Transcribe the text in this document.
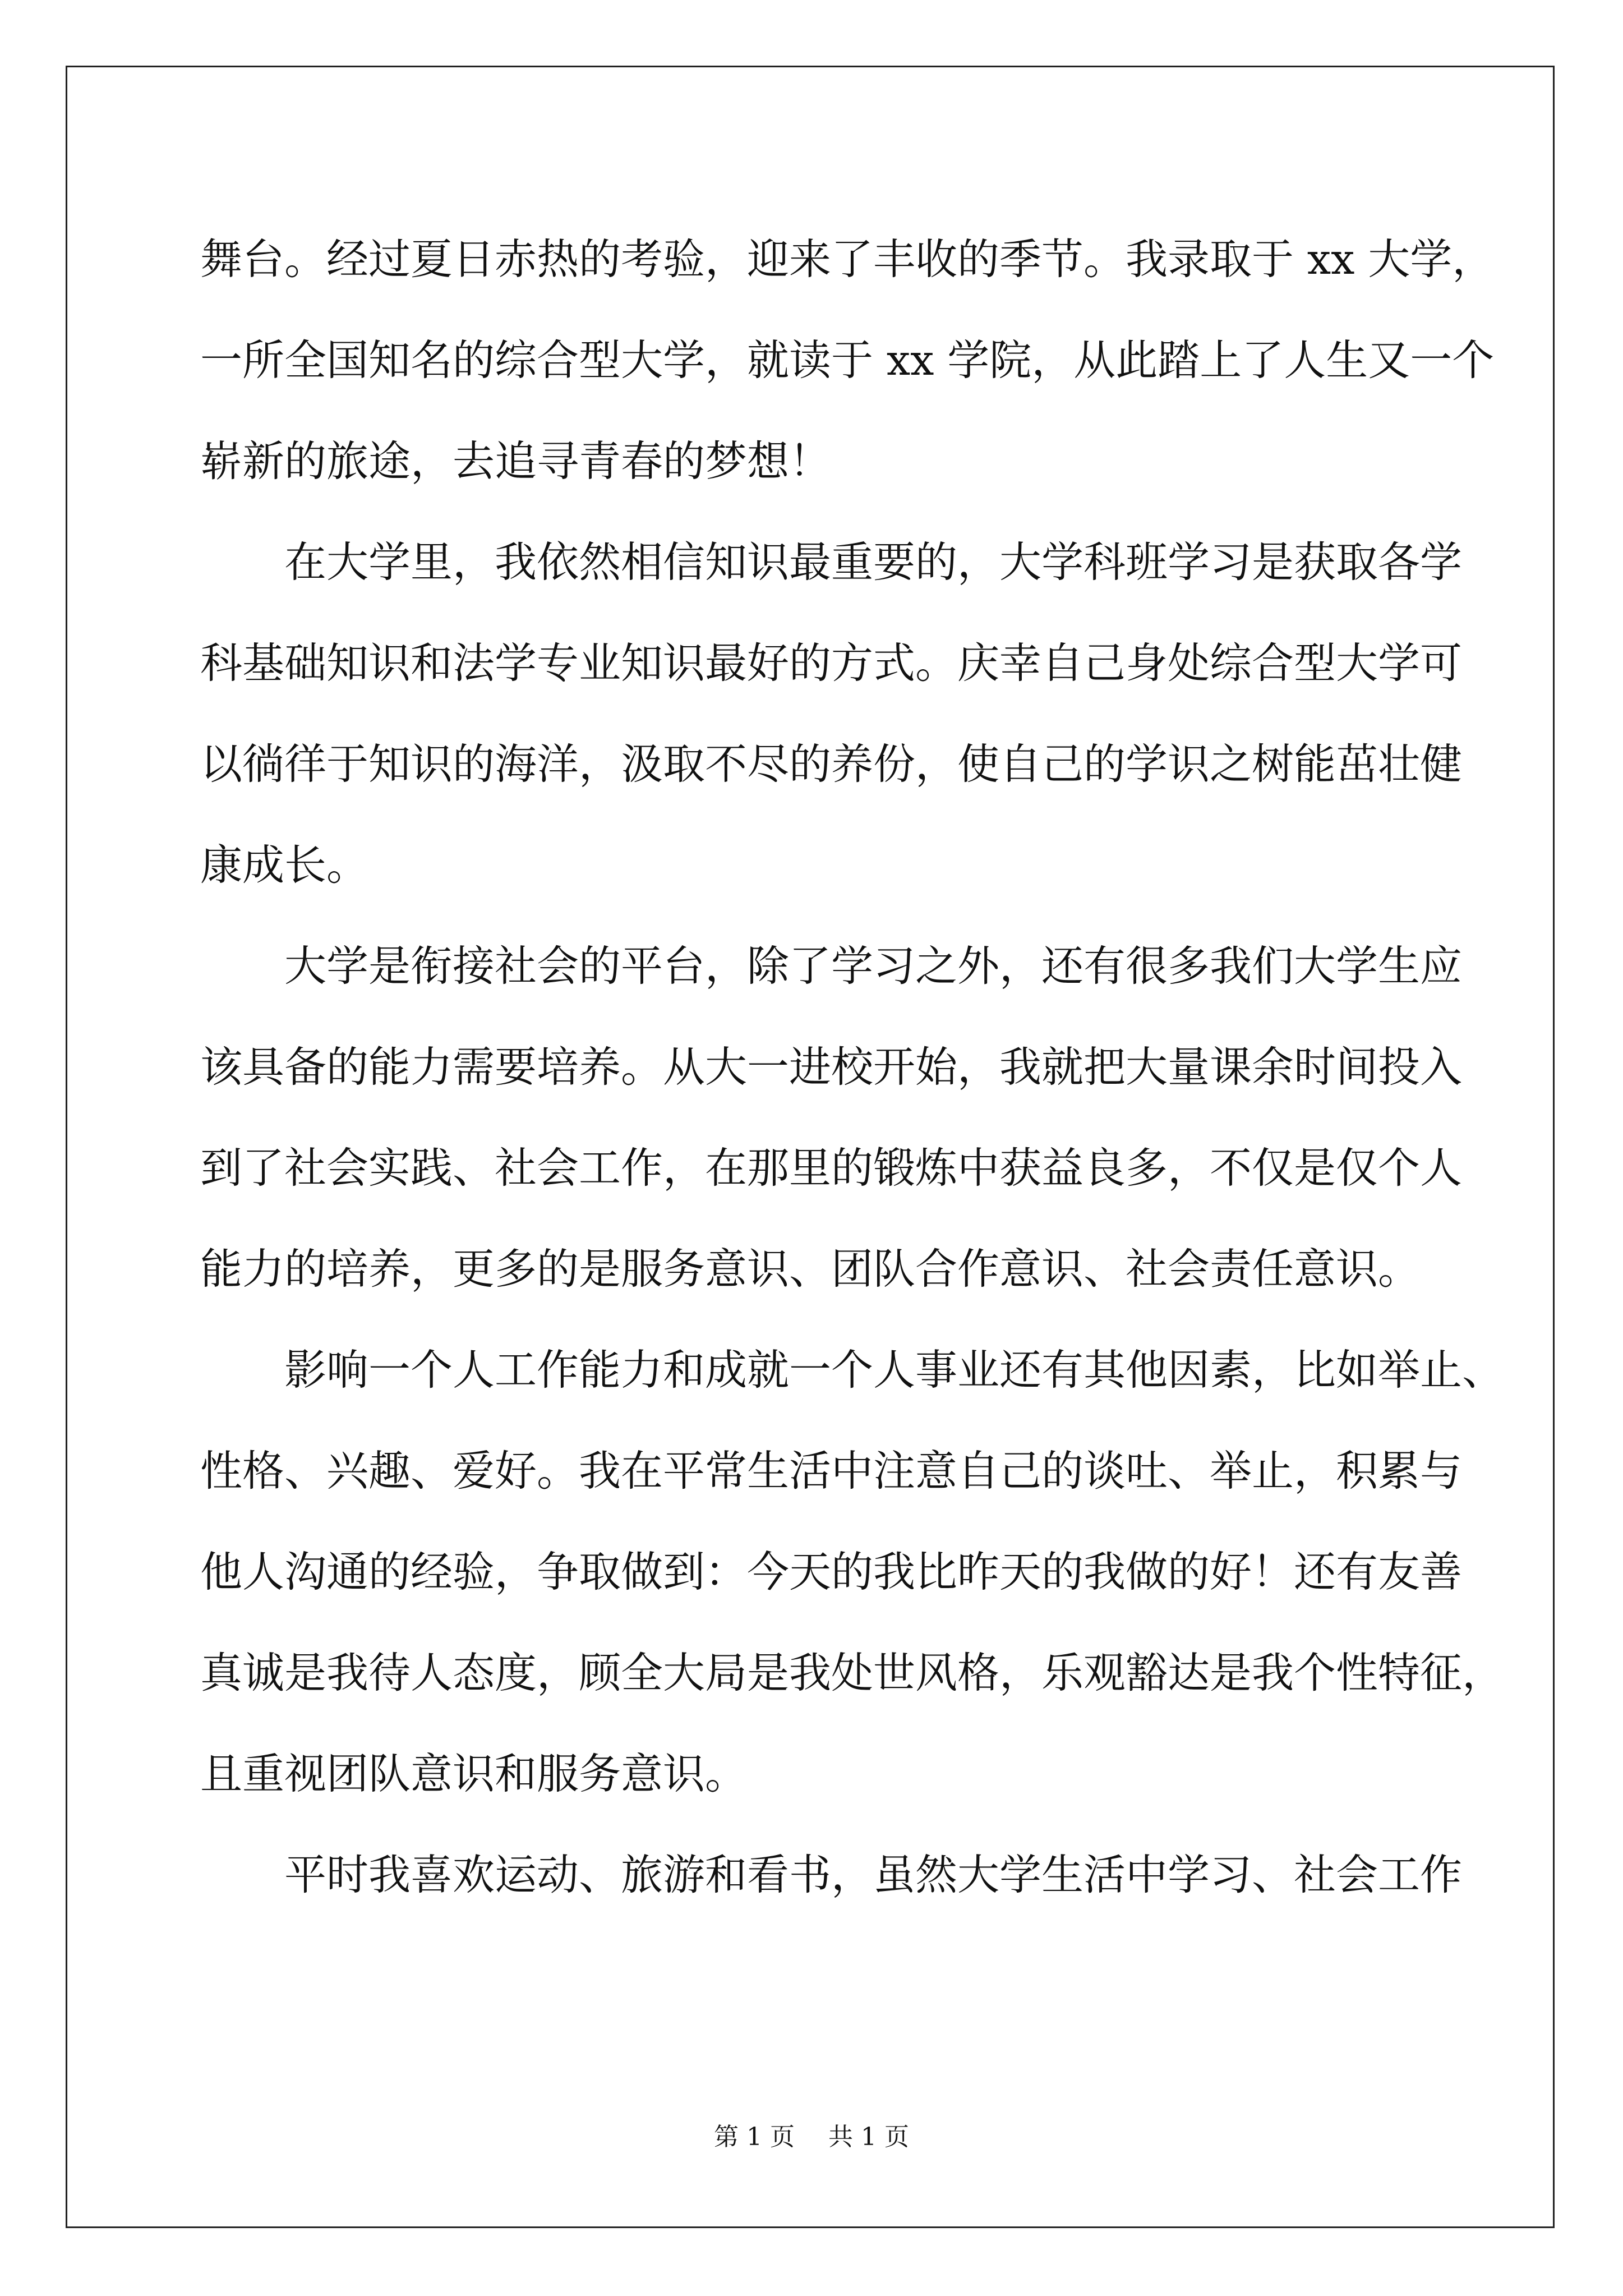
舞台。经过夏日赤热的考验，迎来了丰收的季节。我录取于 xx 大学，
一所全国知名的综合型大学，就读于 xx 学院，从此踏上了人生又一个
崭新的旅途，去追寻青春的梦想！
在大学里，我依然相信知识最重要的，大学科班学习是获取各学
科基础知识和法学专业知识最好的方式。庆幸自己身处综合型大学可
以徜徉于知识的海洋，汲取不尽的养份，使自己的学识之树能茁壮健
康成长。
大学是衔接社会的平台，除了学习之外，还有很多我们大学生应
该具备的能力需要培养。从大一进校开始，我就把大量课余时间投入
到了社会实践、社会工作，在那里的锻炼中获益良多，不仅是仅个人
能力的培养，更多的是服务意识、团队合作意识、社会责任意识。
影响一个人工作能力和成就一个人事业还有其他因素，比如举止、
性格、兴趣、爱好。我在平常生活中注意自己的谈吐、举止，积累与
他人沟通的经验，争取做到：今天的我比昨天的我做的好！还有友善
真诚是我待人态度，顾全大局是我处世风格，乐观豁达是我个性特征，
且重视团队意识和服务意识。
平时我喜欢运动、旅游和看书，虽然大学生活中学习、社会工作
第 1 页 共 1 页
